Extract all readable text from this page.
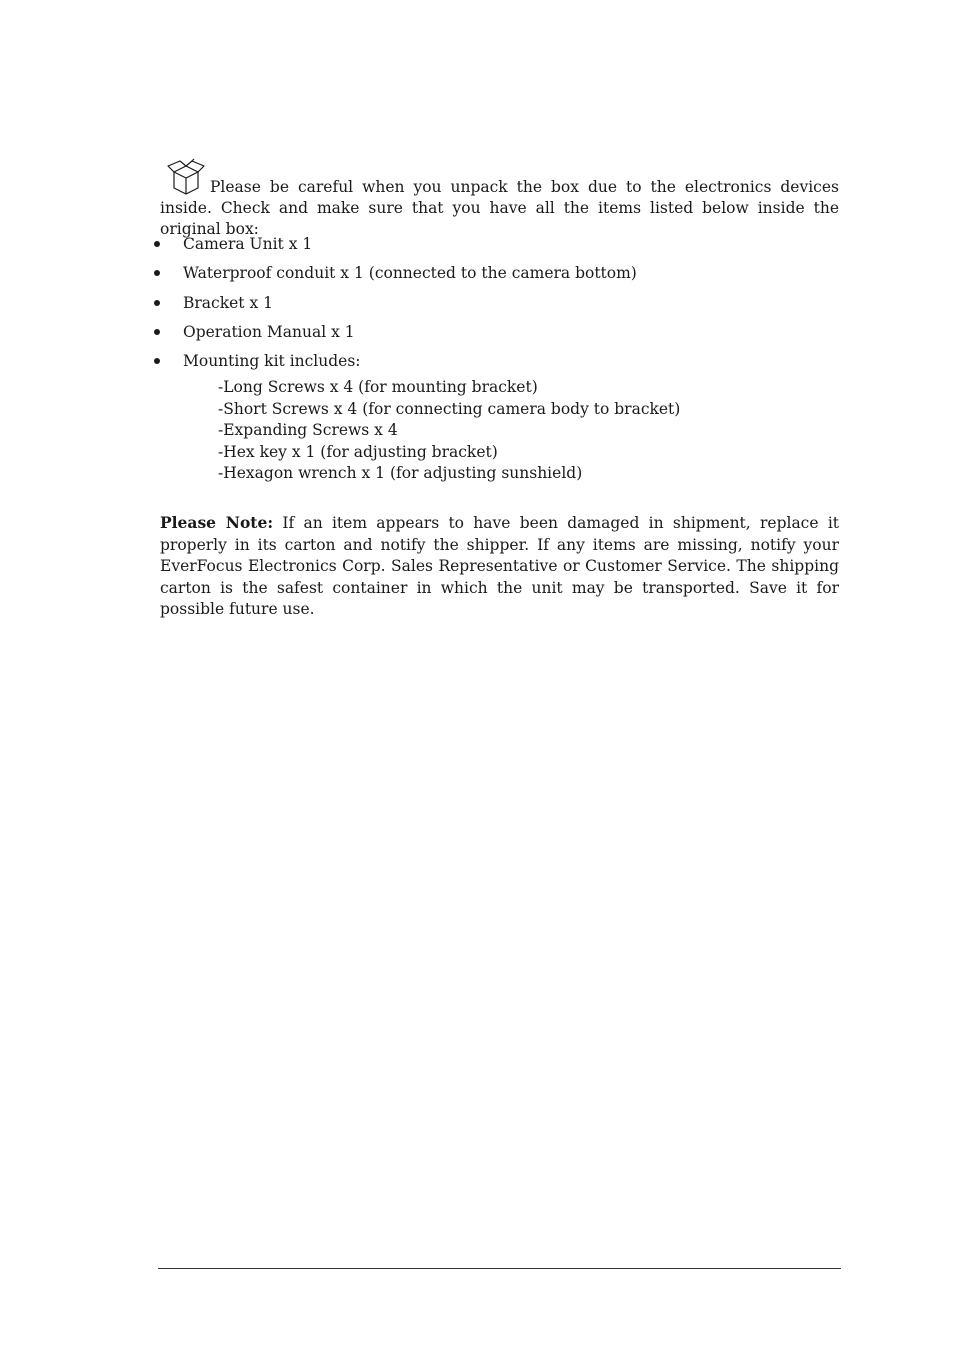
Please be careful when you unpack the box due to the electronics devices inside. Check and make sure that you have all the items listed below inside the original box:

Camera Unit x 1
Waterproof conduit x 1 (connected to the camera bottom)
Bracket x 1
Operation Manual x 1
Mounting kit includes:
-Long Screws x 4 (for mounting bracket)
-Short Screws x 4 (for connecting camera body to bracket)
-Expanding Screws x 4
-Hex key x 1 (for adjusting bracket)
-Hexagon wrench x 1 (for adjusting sunshield)

Please Note: If an item appears to have been damaged in shipment, replace it properly in its carton and notify the shipper. If any items are missing, notify your EverFocus Electronics Corp. Sales Representative or Customer Service. The shipping carton is the safest container in which the unit may be transported. Save it for possible future use.
